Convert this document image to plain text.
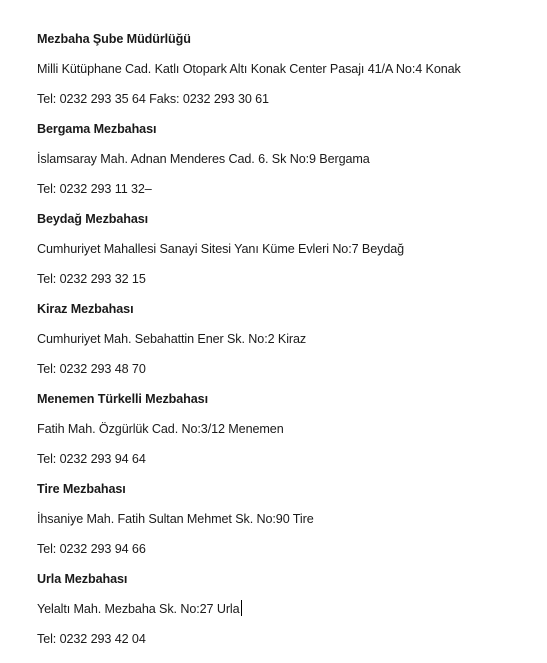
Mezbaha Şube Müdürlüğü
Milli Kütüphane Cad. Katlı Otopark Altı Konak Center Pasajı 41/A No:4 Konak
Tel: 0232 293 35 64 Faks: 0232 293 30 61
Bergama Mezbahası
İslamsaray Mah. Adnan Menderes Cad. 6. Sk No:9 Bergama
Tel: 0232 293 11 32–
Beydağ Mezbahası
Cumhuriyet Mahallesi Sanayi Sitesi Yanı Küme Evleri No:7 Beydağ
Tel: 0232 293 32 15
Kiraz Mezbahası
Cumhuriyet Mah. Sebahattin Ener Sk. No:2 Kiraz
Tel: 0232 293 48 70
Menemen Türkelli Mezbahası
Fatih Mah. Özgürlük Cad. No:3/12 Menemen
Tel: 0232 293 94 64
Tire Mezbahası
İhsaniye Mah. Fatih Sultan Mehmet Sk. No:90 Tire
Tel: 0232 293 94 66
Urla Mezbahası
Yelaltı Mah. Mezbaha Sk. No:27 Urla
Tel: 0232 293 42 04
